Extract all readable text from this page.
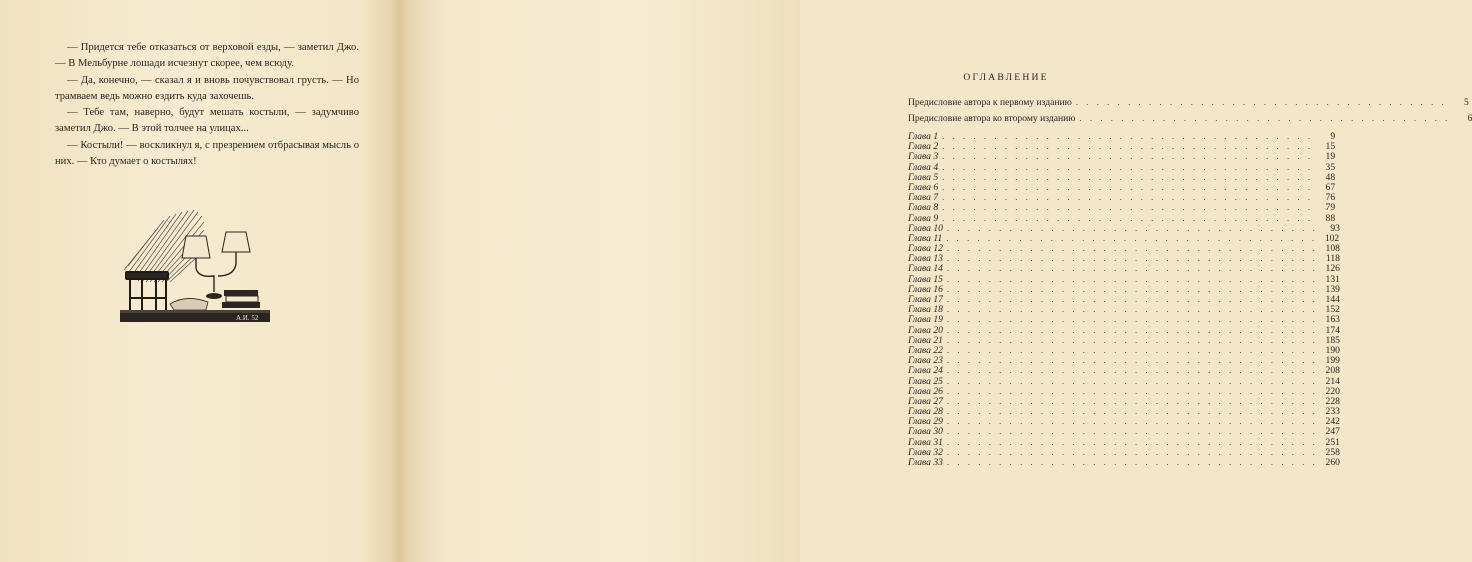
— Придется тебе отказаться от верховой езды, — заметил Джо. — В Мельбурне лошади исчезнут скорее, чем всюду.

— Да, конечно, — сказал я и вновь почувствовал грусть. — Но трамваем ведь можно ездить куда захочешь.

— Тебе там, наверно, будут мешать костыли, — задумчиво заметил Джо. — В этой толчее на улицах...

— Костыли! — воскликнул я, с презрением отбрасывая мысль о них. — Кто думает о костылях!

А.И. 52
ОГЛАВЛЕНИЕ
Предисловие автора к первому изданию . . . . . . . . . . . . . . . . . . . . . . . . . . . . . . . . . . . .	5
Предисловие автора ко второму изданию . . . . . . . . . . . . . . . . . . . . . . . . . . . . . . . . . . . .	6
Глава 1 . . . . . . . . . . . . . . . . . . . . . . . . . . . . . . . . . . . .	9
Глава 2 . . . . . . . . . . . . . . . . . . . . . . . . . . . . . . . . . . . .	15
Глава 3 . . . . . . . . . . . . . . . . . . . . . . . . . . . . . . . . . . . .	19
Глава 4 . . . . . . . . . . . . . . . . . . . . . . . . . . . . . . . . . . . .	35
Глава 5 . . . . . . . . . . . . . . . . . . . . . . . . . . . . . . . . . . . .	48
Глава 6 . . . . . . . . . . . . . . . . . . . . . . . . . . . . . . . . . . . .	67
Глава 7 . . . . . . . . . . . . . . . . . . . . . . . . . . . . . . . . . . . .	76
Глава 8 . . . . . . . . . . . . . . . . . . . . . . . . . . . . . . . . . . . .	79
Глава 9 . . . . . . . . . . . . . . . . . . . . . . . . . . . . . . . . . . . .	88
Глава 10 . . . . . . . . . . . . . . . . . . . . . . . . . . . . . . . . . . . .	93
Глава 11 . . . . . . . . . . . . . . . . . . . . . . . . . . . . . . . . . . . . 102
Глава 12 . . . . . . . . . . . . . . . . . . . . . . . . . . . . . . . . . . . . 108
Глава 13 . . . . . . . . . . . . . . . . . . . . . . . . . . . . . . . . . . . . 118
Глава 14 . . . . . . . . . . . . . . . . . . . . . . . . . . . . . . . . . . . . 126
Глава 15 . . . . . . . . . . . . . . . . . . . . . . . . . . . . . . . . . . . . 131
Глава 16 . . . . . . . . . . . . . . . . . . . . . . . . . . . . . . . . . . . . 139
Глава 17 . . . . . . . . . . . . . . . . . . . . . . . . . . . . . . . . . . . . 144
Глава 18 . . . . . . . . . . . . . . . . . . . . . . . . . . . . . . . . . . . . 152
Глава 19 . . . . . . . . . . . . . . . . . . . . . . . . . . . . . . . . . . . . 163
Глава 20 . . . . . . . . . . . . . . . . . . . . . . . . . . . . . . . . . . . . 174
Глава 21 . . . . . . . . . . . . . . . . . . . . . . . . . . . . . . . . . . . . 185
Глава 22 . . . . . . . . . . . . . . . . . . . . . . . . . . . . . . . . . . . . 190
Глава 23 . . . . . . . . . . . . . . . . . . . . . . . . . . . . . . . . . . . . 199
Глава 24 . . . . . . . . . . . . . . . . . . . . . . . . . . . . . . . . . . . . 208
Глава 25 . . . . . . . . . . . . . . . . . . . . . . . . . . . . . . . . . . . . 214
Глава 26 . . . . . . . . . . . . . . . . . . . . . . . . . . . . . . . . . . . . 220
Глава 27 . . . . . . . . . . . . . . . . . . . . . . . . . . . . . . . . . . . . 228
Глава 28 . . . . . . . . . . . . . . . . . . . . . . . . . . . . . . . . . . . . 233
Глава 29 . . . . . . . . . . . . . . . . . . . . . . . . . . . . . . . . . . . . 242
Глава 30 . . . . . . . . . . . . . . . . . . . . . . . . . . . . . . . . . . . . 247
Глава 31 . . . . . . . . . . . . . . . . . . . . . . . . . . . . . . . . . . . . 251
Глава 32 . . . . . . . . . . . . . . . . . . . . . . . . . . . . . . . . . . . . 258
Глава 33 . . . . . . . . . . . . . . . . . . . . . . . . . . . . . . . . . . . . 260
